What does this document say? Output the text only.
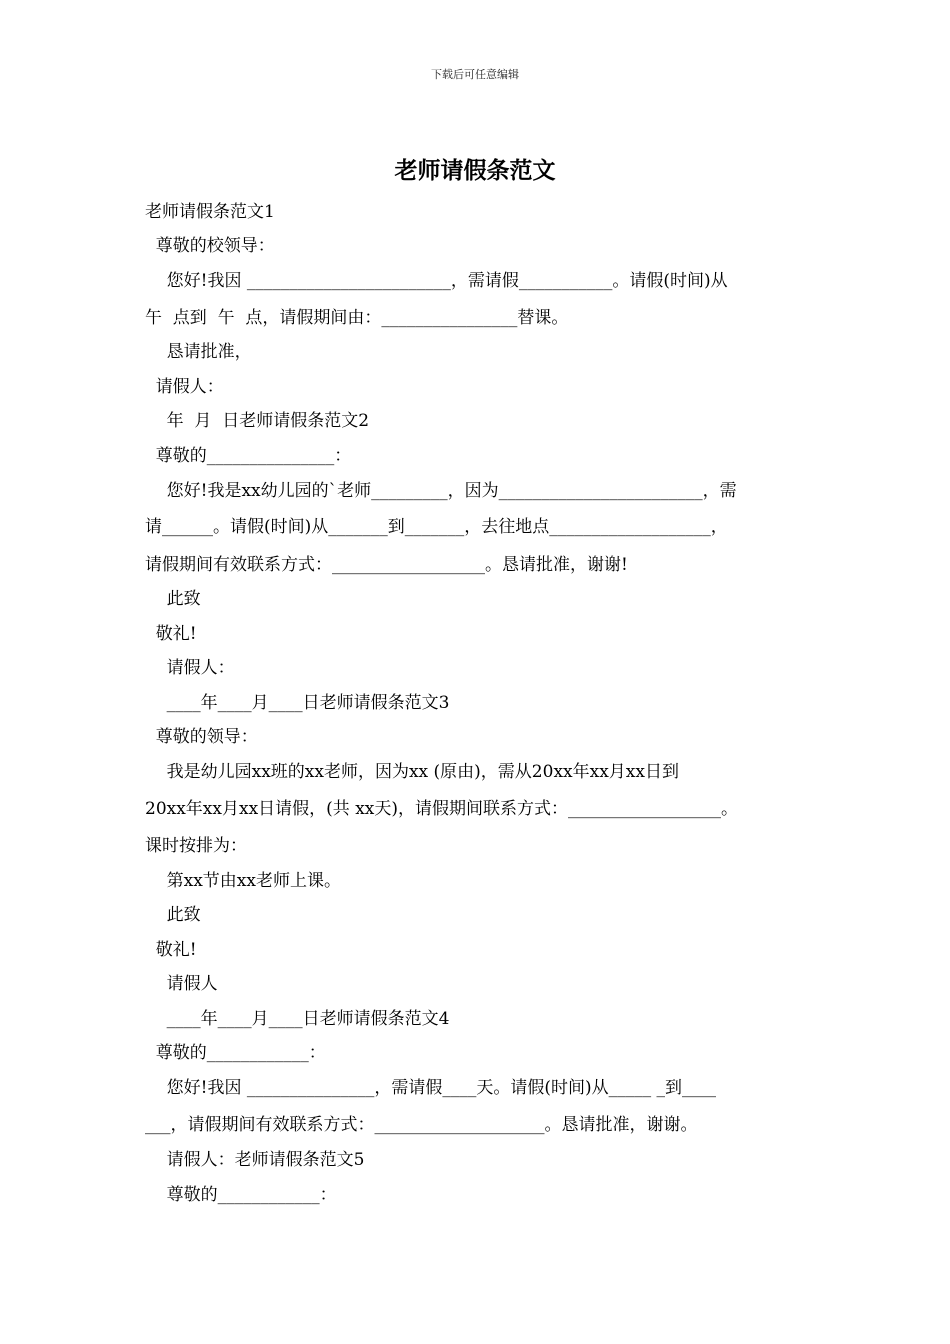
下载后可任意编辑
老师请假条范文
老师请假条范文1
尊敬的校领导：
您好!我因 ________________________，需请假___________。请假(时间)从
午  点到  午  点，请假期间由：________________替课。
恳请批准，
请假人：
年  月  日老师请假条范文2
尊敬的_______________：
您好!我是xx幼儿园的`老师_________，因为________________________，需
请______。请假(时间)从_______到_______，去往地点___________________，
请假期间有效联系方式：__________________。恳请批准，谢谢!
此致
敬礼!
请假人：
____年____月____日老师请假条范文3
尊敬的领导：
我是幼儿园xx班的xx老师，因为xx (原由)，需从20xx年xx月xx日到
20xx年xx月xx日请假，(共 xx天)，请假期间联系方式：__________________。
课时按排为：
第xx节由xx老师上课。
此致
敬礼!
请假人
____年____月____日老师请假条范文4
尊敬的____________：
您好!我因 _______________，需请假____天。请假(时间)从_____ _到____
___，请假期间有效联系方式：____________________。恳请批准，谢谢。
请假人：老师请假条范文5
尊敬的____________：
